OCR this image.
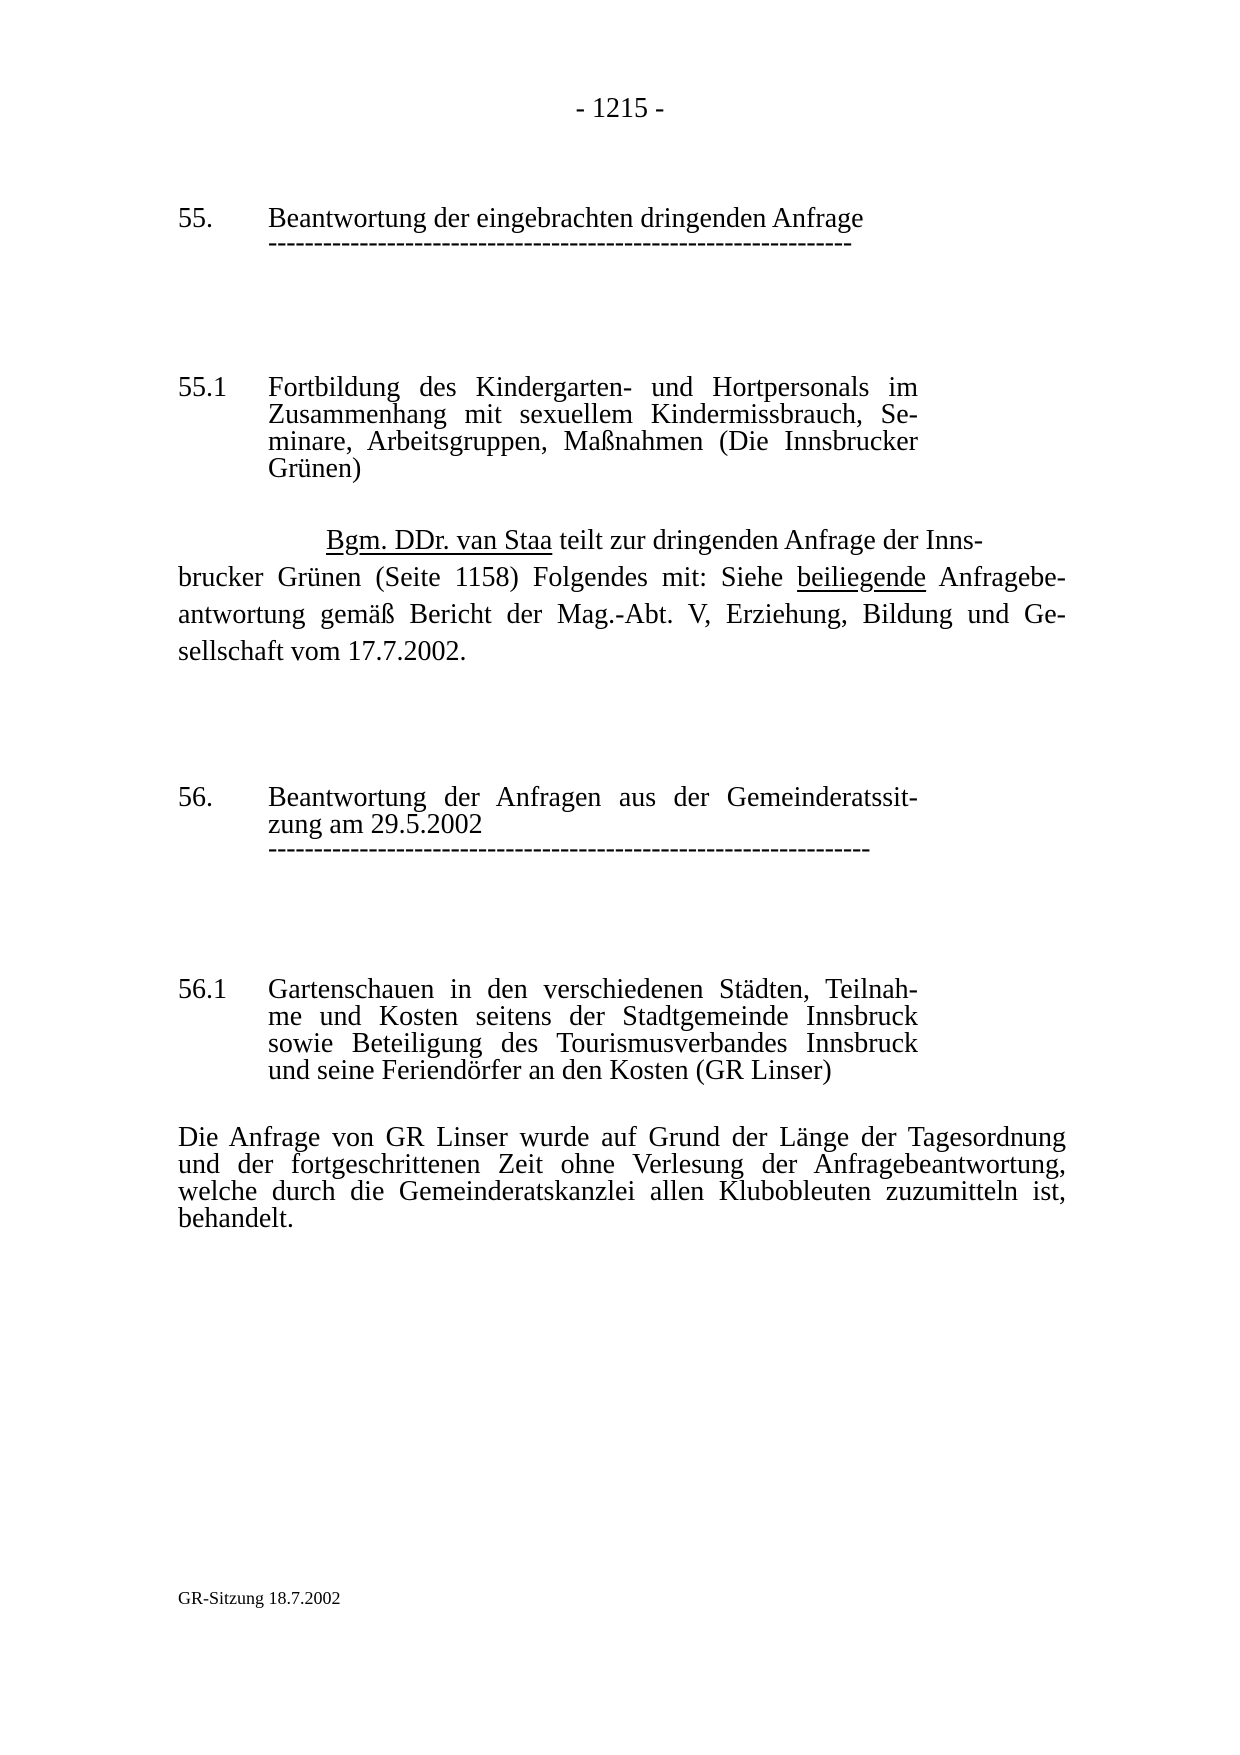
- 1215 -
55. Beantwortung der eingebrachten dringenden Anfrage
----------------------------------------------------------------
55.1 Fortbildung des Kindergarten- und Hortpersonals im
Zusammenhang mit sexuellem Kindermissbrauch, Se-
minare, Arbeitsgruppen, Maßnahmen (Die Innsbrucker
Grünen)
Bgm. DDr. van Staa teilt zur dringenden Anfrage der Inns-
brucker Grünen (Seite 1158) Folgendes mit: Siehe beiliegende Anfragebe-
antwortung gemäß Bericht der Mag.-Abt. V, Erziehung, Bildung und Ge-
sellschaft vom 17.7.2002.
56. Beantwortung der Anfragen aus der Gemeinderatssit-
zung am 29.5.2002
------------------------------------------------------------------
56.1 Gartenschauen in den verschiedenen Städten, Teilnah-
me und Kosten seitens der Stadtgemeinde Innsbruck
sowie Beteiligung des Tourismusverbandes Innsbruck
und seine Feriendörfer an den Kosten (GR Linser)
Die Anfrage von GR Linser wurde auf Grund der Länge der Tagesordnung
und der fortgeschrittenen Zeit ohne Verlesung der Anfragebeantwortung,
welche durch die Gemeinderatskanzlei allen Klubobleuten zuzumitteln ist,
behandelt.
GR-Sitzung 18.7.2002
